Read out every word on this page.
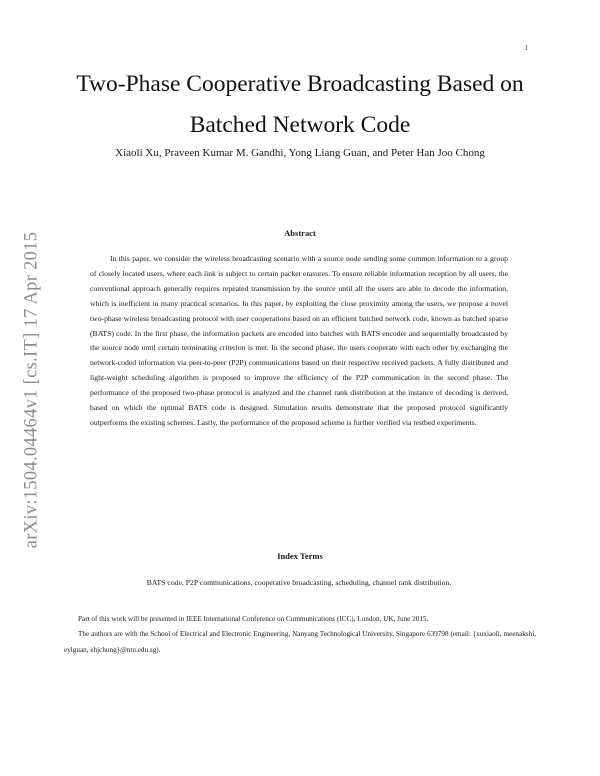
1
arXiv:1504.04464v1 [cs.IT] 17 Apr 2015
Two-Phase Cooperative Broadcasting Based on
Batched Network Code
Xiaoli Xu, Praveen Kumar M. Gandhi, Yong Liang Guan, and Peter Han Joo Chong
Abstract

In this paper, we consider the wireless broadcasting scenario with a source node sending some common information to a group of closely located users, where each link is subject to certain packet erasures. To ensure reliable information reception by all users, the conventional approach generally requires repeated transmission by the source until all the users are able to decode the information, which is inefficient in many practical scenarios. In this paper, by exploiting the close proximity among the users, we propose a novel two-phase wireless broadcasting protocol with user cooperations based on an efficient batched network code, known as batched sparse (BATS) code. In the first phase, the information packets are encoded into batches with BATS encoder and sequentially broadcasted by the source node until certain terminating criterion is met. In the second phase, the users cooperate with each other by exchanging the network-coded information via peer-to-peer (P2P) communications based on their respective received packets. A fully distributed and light-weight scheduling algorithm is proposed to improve the efficiency of the P2P communication in the second phase. The performance of the proposed two-phase protocol is analyzed and the channel rank distribution at the instance of decoding is derived, based on which the optimal BATS code is designed. Simulation results demonstrate that the proposed protocol significantly outperforms the existing schemes. Lastly, the performance of the proposed scheme is further verified via testbed experiments.

Index Terms
BATS code, P2P communications, cooperative broadcasting, scheduling, channel rank distribution.

Part of this work will be presented in IEEE International Conference on Communications (ICC), London, UK, June 2015.

The authors are with the School of Electrical and Electronic Engineering, Nanyang Technological University, Singapore 639798 (email: {xuxiaoli, meenakshi, eylguan, ehjchong}@ntu.edu.sg).
